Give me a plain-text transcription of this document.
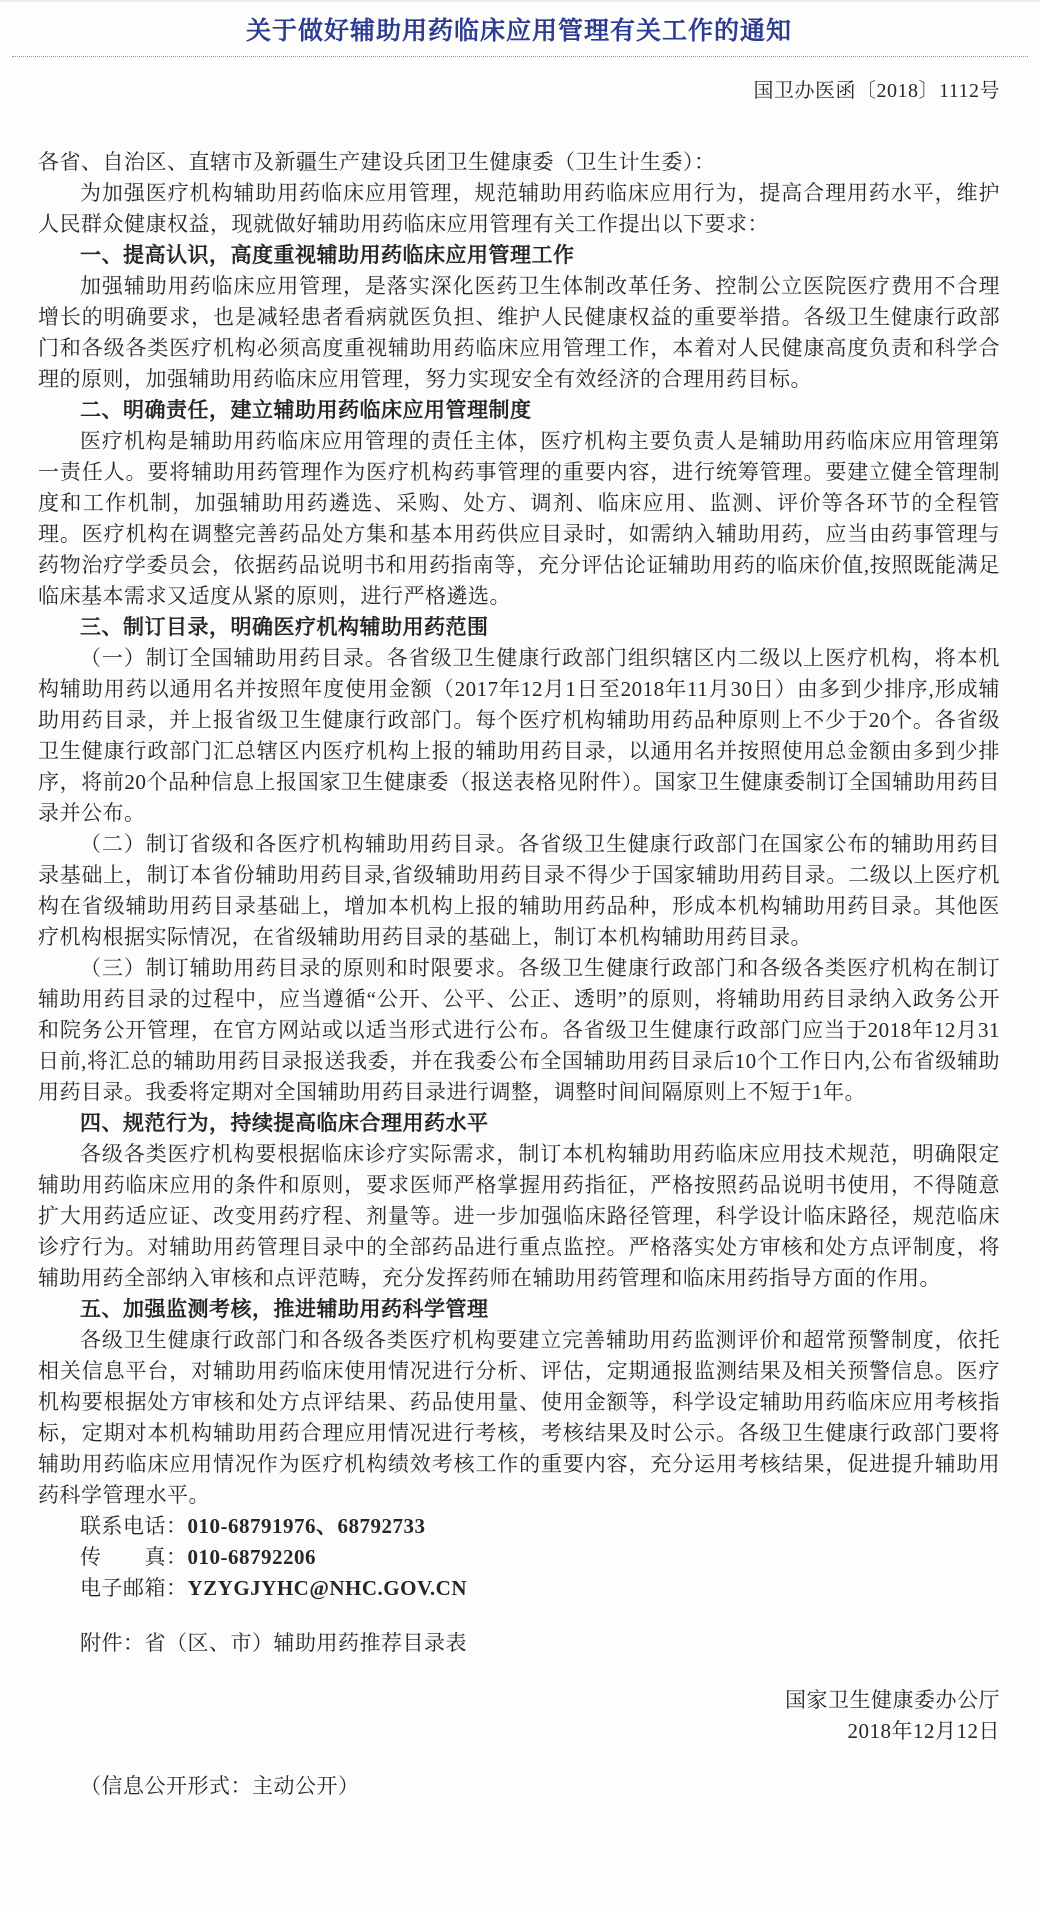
关于做好辅助用药临床应用管理有关工作的通知
国卫办医函〔2018〕1112号

各省、自治区、直辖市及新疆生产建设兵团卫生健康委（卫生计生委）：

为加强医疗机构辅助用药临床应用管理，规范辅助用药临床应用行为，提高合理用药水平，维护人民群众健康权益，现就做好辅助用药临床应用管理有关工作提出以下要求：

一、提高认识，高度重视辅助用药临床应用管理工作

加强辅助用药临床应用管理，是落实深化医药卫生体制改革任务、控制公立医院医疗费用不合理增长的明确要求，也是减轻患者看病就医负担、维护人民健康权益的重要举措。各级卫生健康行政部门和各级各类医疗机构必须高度重视辅助用药临床应用管理工作，本着对人民健康高度负责和科学合理的原则，加强辅助用药临床应用管理，努力实现安全有效经济的合理用药目标。

二、明确责任，建立辅助用药临床应用管理制度

医疗机构是辅助用药临床应用管理的责任主体，医疗机构主要负责人是辅助用药临床应用管理第一责任人。要将辅助用药管理作为医疗机构药事管理的重要内容，进行统筹管理。要建立健全管理制度和工作机制，加强辅助用药遴选、采购、处方、调剂、临床应用、监测、评价等各环节的全程管理。医疗机构在调整完善药品处方集和基本用药供应目录时，如需纳入辅助用药，应当由药事管理与药物治疗学委员会，依据药品说明书和用药指南等，充分评估论证辅助用药的临床价值,按照既能满足临床基本需求又适度从紧的原则，进行严格遴选。

三、制订目录，明确医疗机构辅助用药范围

（一）制订全国辅助用药目录。各省级卫生健康行政部门组织辖区内二级以上医疗机构，将本机构辅助用药以通用名并按照年度使用金额（2017年12月1日至2018年11月30日）由多到少排序,形成辅助用药目录，并上报省级卫生健康行政部门。每个医疗机构辅助用药品种原则上不少于20个。各省级卫生健康行政部门汇总辖区内医疗机构上报的辅助用药目录，以通用名并按照使用总金额由多到少排序，将前20个品种信息上报国家卫生健康委（报送表格见附件）。国家卫生健康委制订全国辅助用药目录并公布。

（二）制订省级和各医疗机构辅助用药目录。各省级卫生健康行政部门在国家公布的辅助用药目录基础上，制订本省份辅助用药目录,省级辅助用药目录不得少于国家辅助用药目录。二级以上医疗机构在省级辅助用药目录基础上，增加本机构上报的辅助用药品种，形成本机构辅助用药目录。其他医疗机构根据实际情况，在省级辅助用药目录的基础上，制订本机构辅助用药目录。

（三）制订辅助用药目录的原则和时限要求。各级卫生健康行政部门和各级各类医疗机构在制订辅助用药目录的过程中，应当遵循“公开、公平、公正、透明”的原则，将辅助用药目录纳入政务公开和院务公开管理，在官方网站或以适当形式进行公布。各省级卫生健康行政部门应当于2018年12月31日前,将汇总的辅助用药目录报送我委，并在我委公布全国辅助用药目录后10个工作日内,公布省级辅助用药目录。我委将定期对全国辅助用药目录进行调整，调整时间间隔原则上不短于1年。

四、规范行为，持续提高临床合理用药水平

各级各类医疗机构要根据临床诊疗实际需求，制订本机构辅助用药临床应用技术规范，明确限定辅助用药临床应用的条件和原则，要求医师严格掌握用药指征，严格按照药品说明书使用，不得随意扩大用药适应证、改变用药疗程、剂量等。进一步加强临床路径管理，科学设计临床路径，规范临床诊疗行为。对辅助用药管理目录中的全部药品进行重点监控。严格落实处方审核和处方点评制度，将辅助用药全部纳入审核和点评范畴，充分发挥药师在辅助用药管理和临床用药指导方面的作用。

五、加强监测考核，推进辅助用药科学管理

各级卫生健康行政部门和各级各类医疗机构要建立完善辅助用药监测评价和超常预警制度，依托相关信息平台，对辅助用药临床使用情况进行分析、评估，定期通报监测结果及相关预警信息。医疗机构要根据处方审核和处方点评结果、药品使用量、使用金额等，科学设定辅助用药临床应用考核指标，定期对本机构辅助用药合理应用情况进行考核，考核结果及时公示。各级卫生健康行政部门要将辅助用药临床应用情况作为医疗机构绩效考核工作的重要内容，充分运用考核结果，促进提升辅助用药科学管理水平。

联系电话：010-68791976、68792733

传　　真：010-68792206

电子邮箱：YZYGJYHC@NHC.GOV.CN

附件：省（区、市）辅助用药推荐目录表

国家卫生健康委办公厅
2018年12月12日

（信息公开形式：主动公开）
